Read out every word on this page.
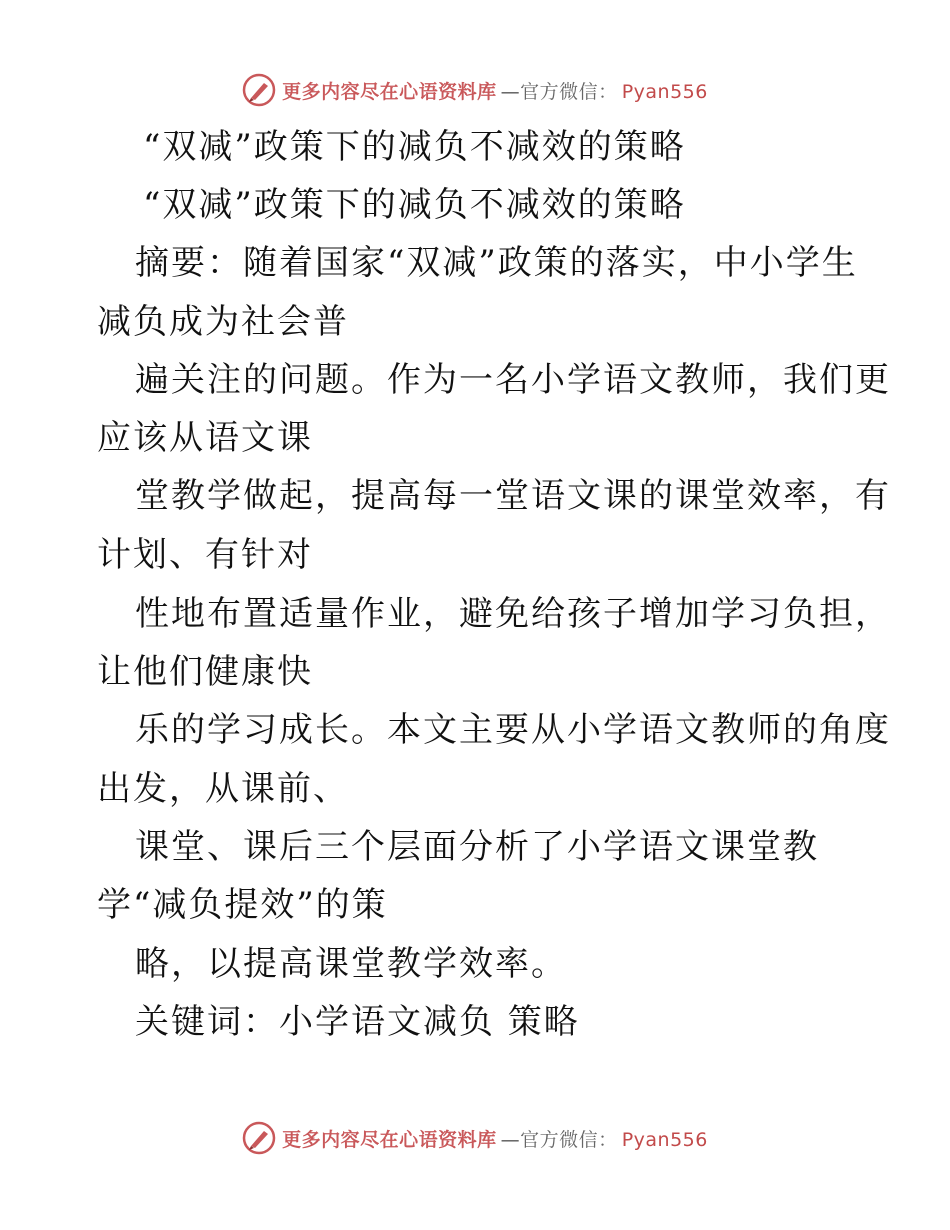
更多内容尽在心语资料库 —官方微信： Pyan556
“双减”政策下的减负不减效的策略
“双减”政策下的减负不减效的策略
摘要：随着国家“双减”政策的落实，中小学生
减负成为社会普
遍关注的问题。作为一名小学语文教师，我们更
应该从语文课
堂教学做起，提高每一堂语文课的课堂效率，有
计划、有针对
性地布置适量作业，避免给孩子增加学习负担，
让他们健康快
乐的学习成长。本文主要从小学语文教师的角度
出发，从课前、
课堂、课后三个层面分析了小学语文课堂教
学“减负提效”的策
略，以提高课堂教学效率。
关键词：小学语文减负 策略
更多内容尽在心语资料库 —官方微信： Pyan556
